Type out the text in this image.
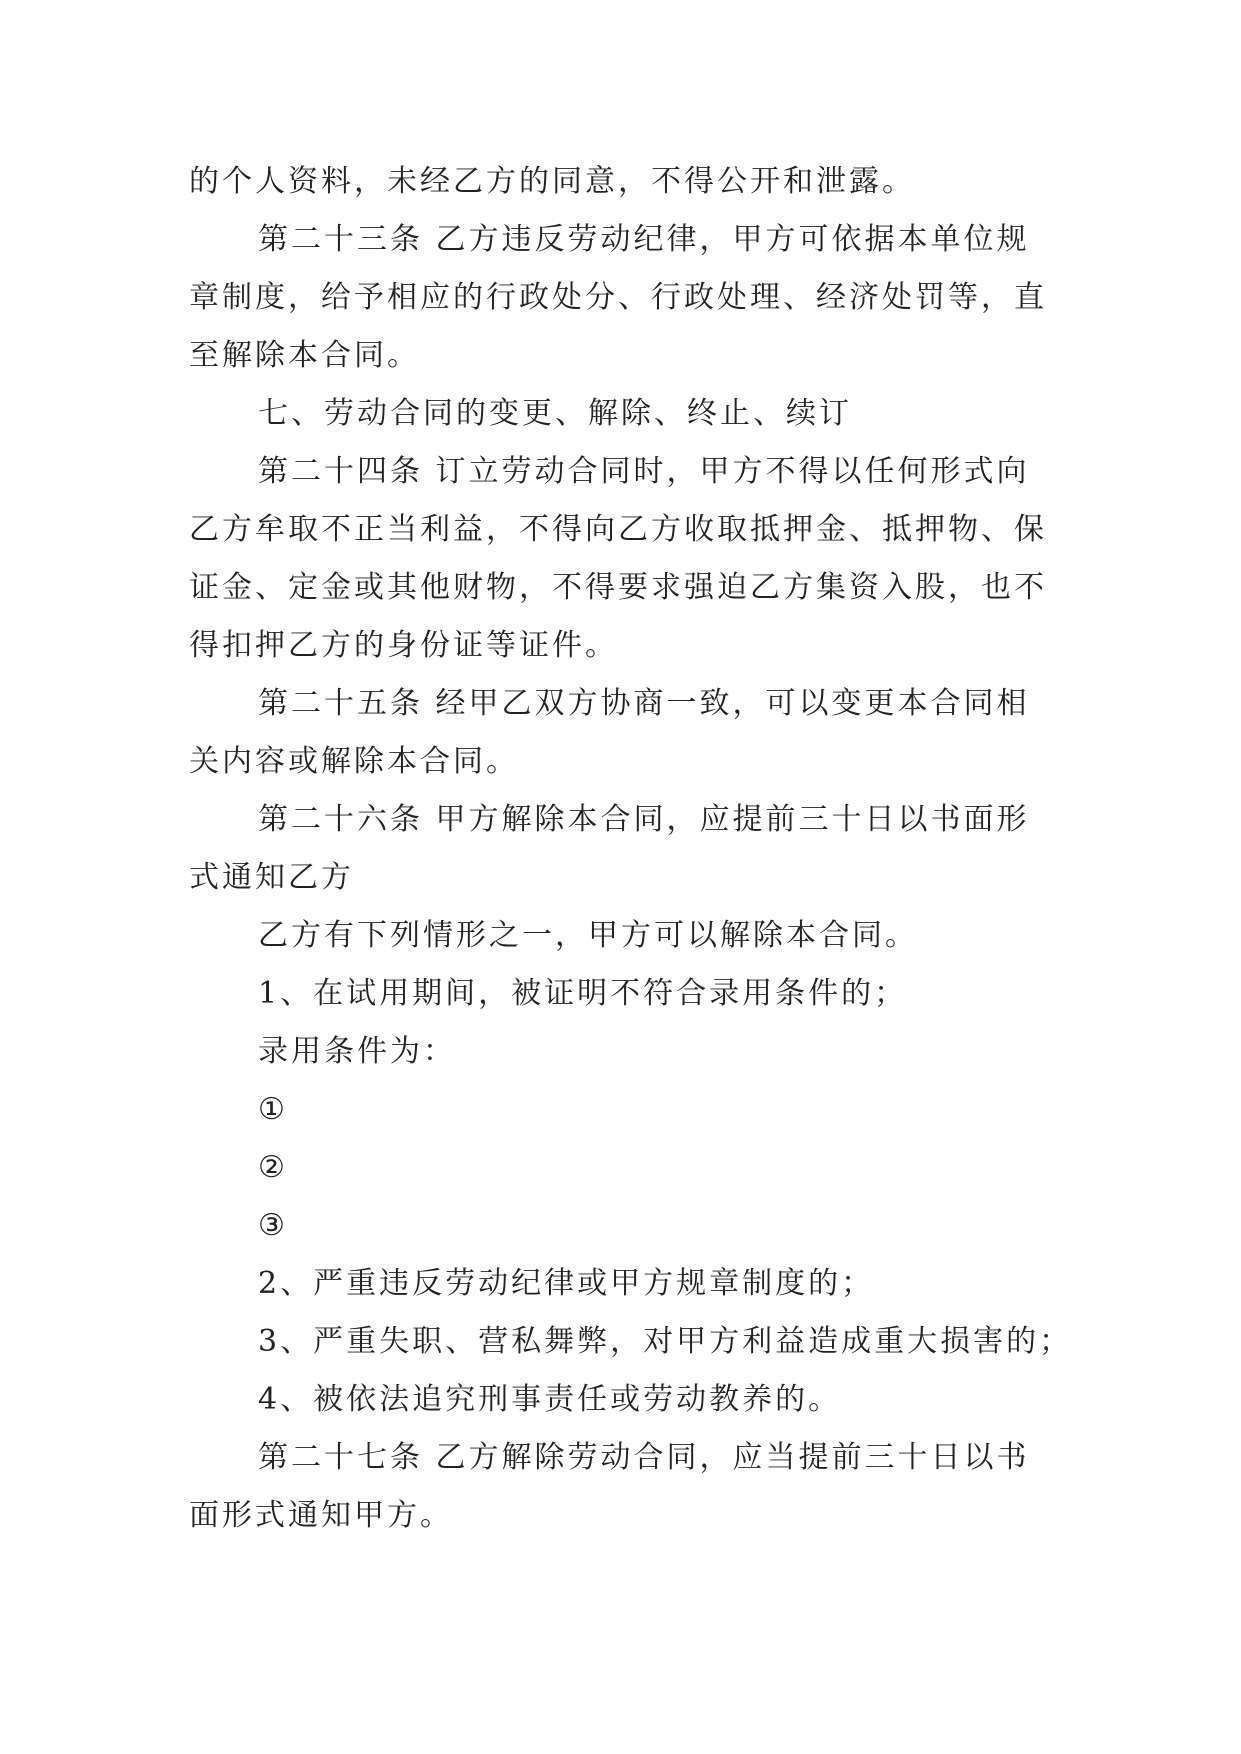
的个人资料，未经乙方的同意，不得公开和泄露。

第二十三条 乙方违反劳动纪律，甲方可依据本单位规

章制度，给予相应的行政处分、行政处理、经济处罚等，直

至解除本合同。

七、劳动合同的变更、解除、终止、续订

第二十四条 订立劳动合同时，甲方不得以任何形式向

乙方牟取不正当利益，不得向乙方收取抵押金、抵押物、保

证金、定金或其他财物，不得要求强迫乙方集资入股，也不

得扣押乙方的身份证等证件。

第二十五条 经甲乙双方协商一致，可以变更本合同相

关内容或解除本合同。

第二十六条 甲方解除本合同，应提前三十日以书面形

式通知乙方

乙方有下列情形之一，甲方可以解除本合同。

1、在试用期间，被证明不符合录用条件的；

录用条件为：

①

②

③

2、严重违反劳动纪律或甲方规章制度的；

3、严重失职、营私舞弊，对甲方利益造成重大损害的；

4、被依法追究刑事责任或劳动教养的。

第二十七条 乙方解除劳动合同，应当提前三十日以书

面形式通知甲方。
